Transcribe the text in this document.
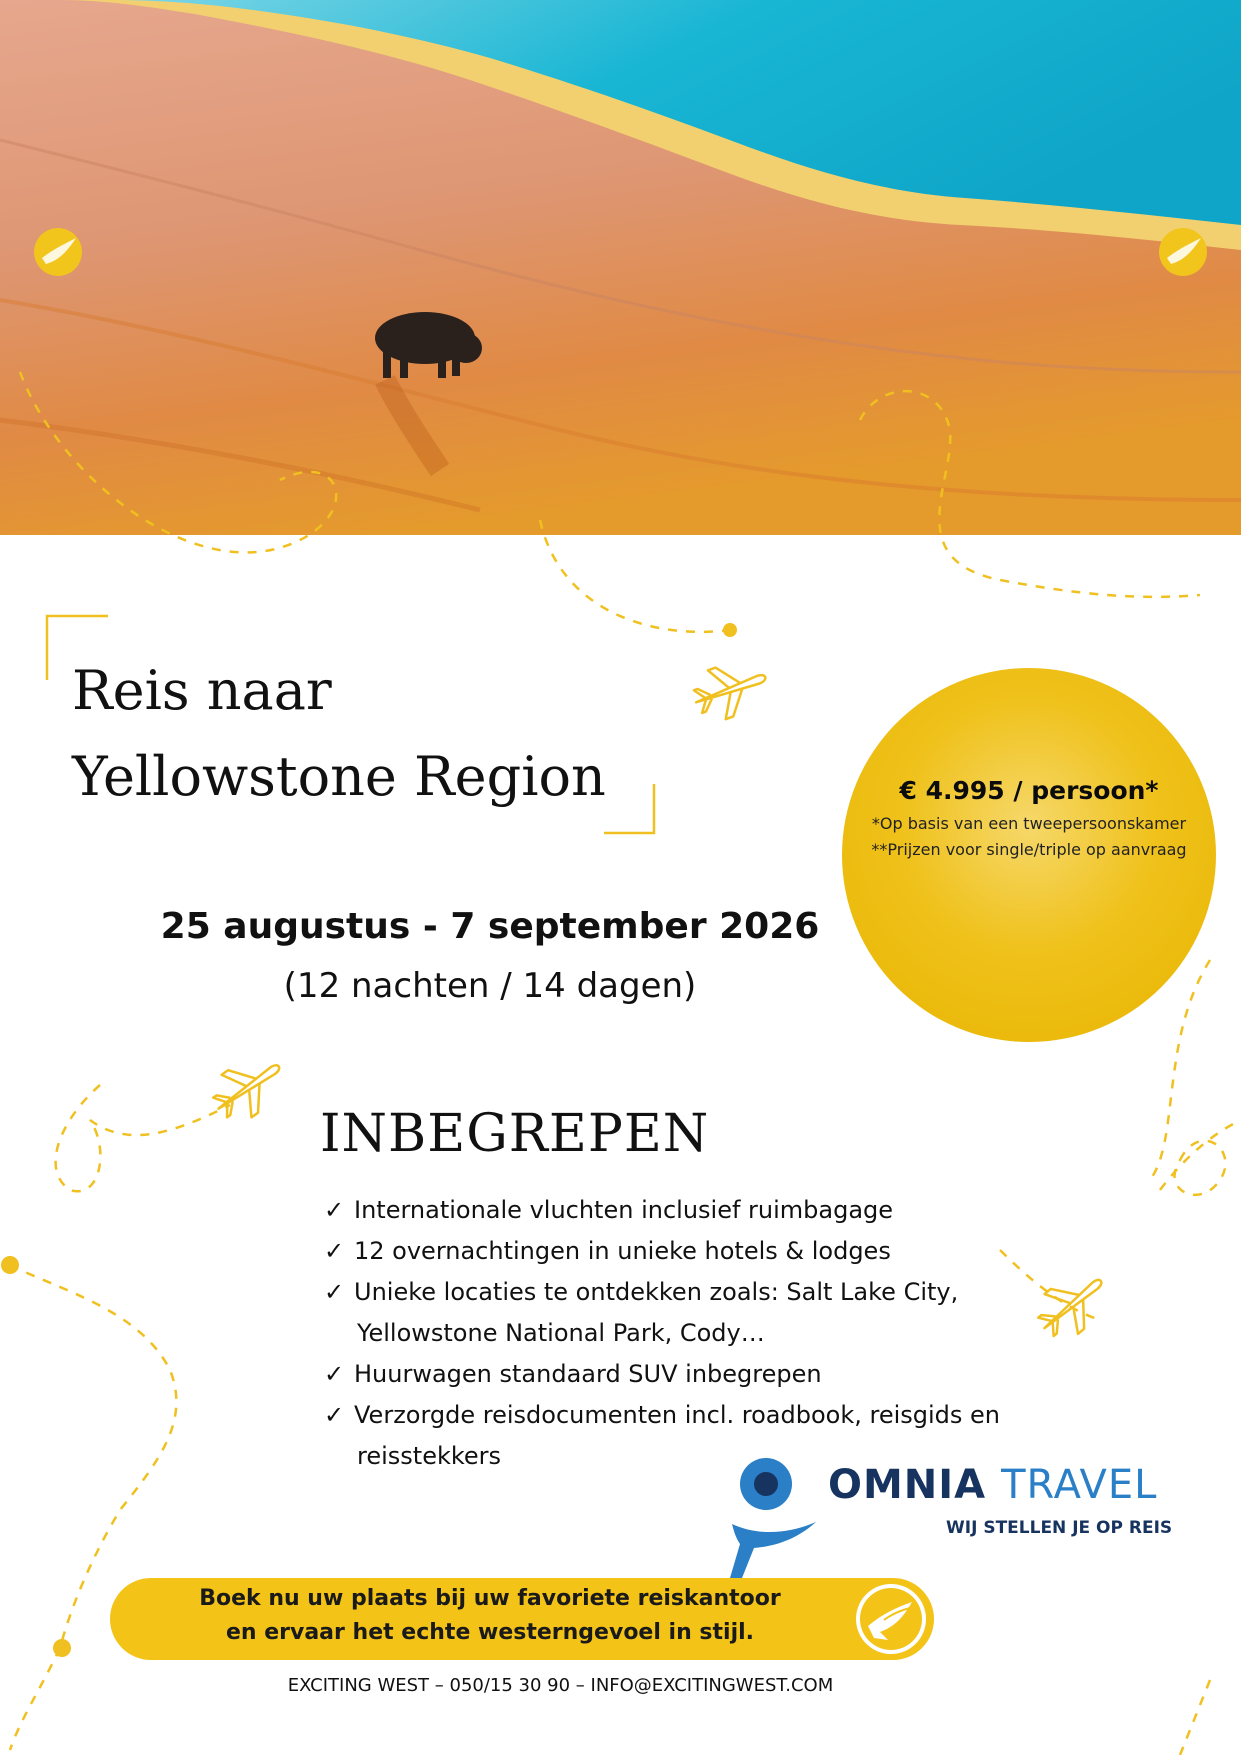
Reis naar
Yellowstone Region
25 augustus - 7 september 2026
(12 nachten / 14 dagen)
€ 4.995 / persoon*
*Op basis van een tweepersoonskamer
**Prijzen voor single/triple op aanvraag
INBEGREPEN
✓ Internationale vluchten inclusief ruimbagage
✓ 12 overnachtingen in unieke hotels & lodges
✓ Unieke locaties te ontdekken zoals: Salt Lake City,
Yellowstone National Park, Cody…
✓ Huurwagen standaard SUV inbegrepen
✓ Verzorgde reisdocumenten incl. roadbook, reisgids en
reisstekkers
OMNIA TRAVEL
WIJ STELLEN JE OP REIS
Boek nu uw plaats bij uw favoriete reiskantoor
en ervaar het echte westerngevoel in stijl.
EXCITING WEST – 050/15 30 90 – INFO@EXCITINGWEST.COM
